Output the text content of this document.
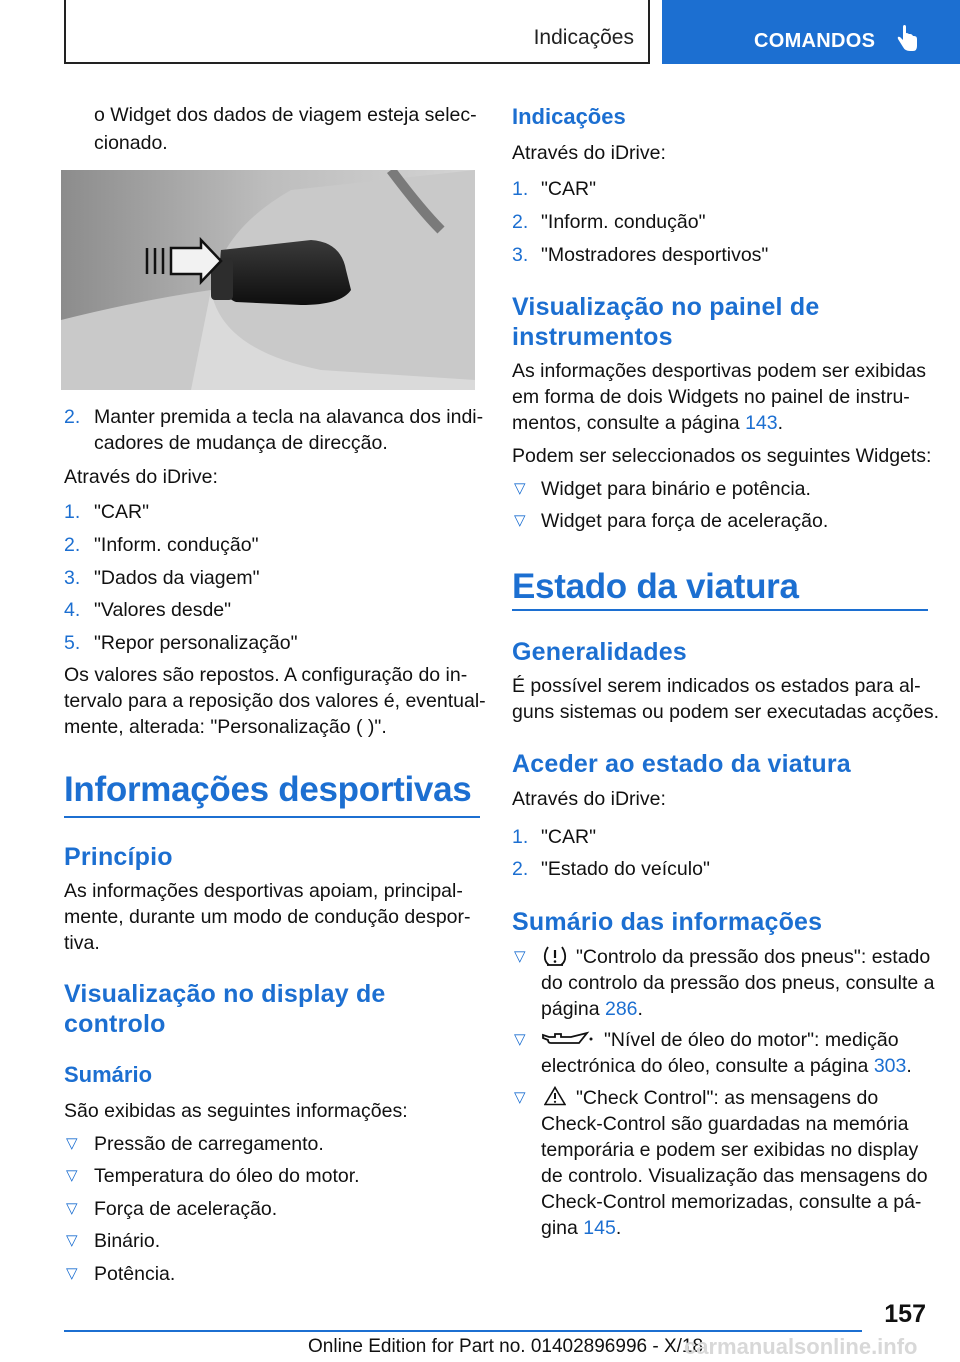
Indicações	COMANDOS
o Widget dos dados de viagem esteja selec-
cionado.
2. Manter premida a tecla na alavanca dos indi-
cadores de mudança de direcção.
Através do iDrive:
1. "CAR"
2. "Inform. condução"
3. "Dados da viagem"
4. "Valores desde"
5. "Repor personalização"
Os valores são repostos. A configuração do in-
tervalo para a reposição dos valores é, eventual-
mente, alterada: "Personalização ( )".
Informações desportivas
Princípio
As informações desportivas apoiam, principal-
mente, durante um modo de condução despor-
tiva.
Visualização no display de
controlo
Sumário
São exibidas as seguintes informações:
▽ Pressão de carregamento.
▽ Temperatura do óleo do motor.
▽ Força de aceleração.
▽ Binário.
▽ Potência.
Indicações
Através do iDrive:
1. "CAR"
2. "Inform. condução"
3. "Mostradores desportivos"
Visualização no painel de
instrumentos
As informações desportivas podem ser exibidas
em forma de dois Widgets no painel de instru-
mentos, consulte a página 143.
Podem ser seleccionados os seguintes Widgets:
▽ Widget para binário e potência.
▽ Widget para força de aceleração.
Estado da viatura
Generalidades
É possível serem indicados os estados para al-
guns sistemas ou podem ser executadas acções.
Aceder ao estado da viatura
Através do iDrive:
1. "CAR"
2. "Estado do veículo"
Sumário das informações
▽	"Controlo da pressão dos pneus": estado
do controlo da pressão dos pneus, consulte a
página 286.
▽	"Nível de óleo do motor": medição
electrónica do óleo, consulte a página 303.
▽	"Check Control": as mensagens do
Check-Control são guardadas na memória
temporária e podem ser exibidas no display
de controlo. Visualização das mensagens do
Check-Control memorizadas, consulte a pá-
gina 145.
157
Online Edition for Part no. 01402896996 - X/18
carmanualsonline.info
